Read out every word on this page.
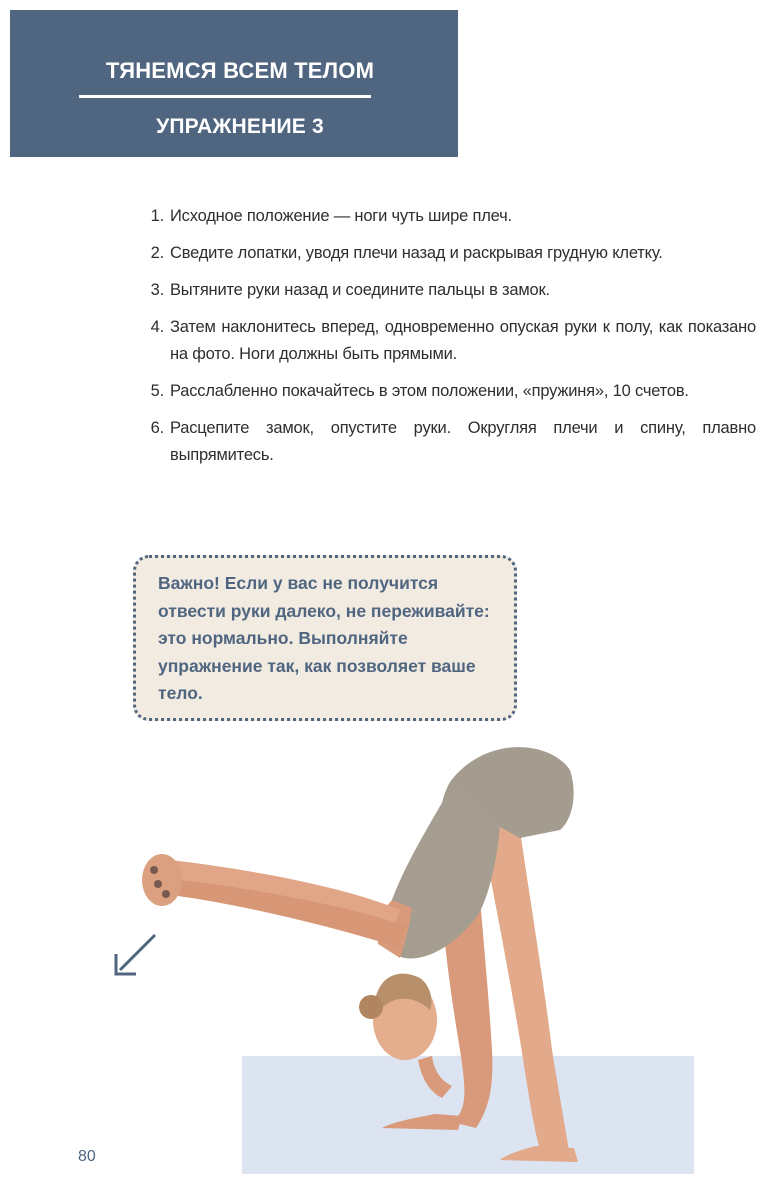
ТЯНЕМСЯ ВСЕМ ТЕЛОМ
УПРАЖНЕНИЕ 3
1. Исходное положение — ноги чуть шире плеч.
2. Сведите лопатки, уводя плечи назад и раскрывая грудную клетку.
3. Вытяните руки назад и соедините пальцы в замок.
4. Затем наклонитесь вперед, одновременно опуская руки к полу, как показано на фото. Ноги должны быть прямыми.
5. Расслабленно покачайтесь в этом положении, «пружиня», 10 счетов.
6. Расцепите замок, опустите руки. Округляя плечи и спину, плавно выпрямитесь.

Важно! Если у вас не получится отвести руки далеко, не переживайте: это нормально. Выполняйте упражнение так, как позволяет ваше тело.

80
